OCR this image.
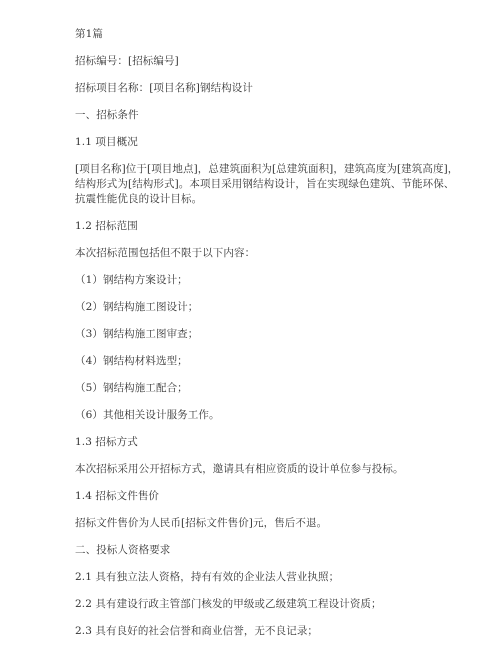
第1篇
招标编号：[招标编号]
招标项目名称：[项目名称]钢结构设计
一、招标条件
1.1 项目概况
[项目名称]位于[项目地点]，总建筑面积为[总建筑面积]，建筑高度为[建筑高度]，
结构形式为[结构形式]。本项目采用钢结构设计，旨在实现绿色建筑、节能环保、
抗震性能优良的设计目标。
1.2 招标范围
本次招标范围包括但不限于以下内容：
（1）钢结构方案设计；
（2）钢结构施工图设计；
（3）钢结构施工图审查；
（4）钢结构材料选型；
（5）钢结构施工配合；
（6）其他相关设计服务工作。
1.3 招标方式
本次招标采用公开招标方式，邀请具有相应资质的设计单位参与投标。
1.4 招标文件售价
招标文件售价为人民币[招标文件售价]元，售后不退。
二、投标人资格要求
2.1 具有独立法人资格，持有有效的企业法人营业执照；
2.2 具有建设行政主管部门核发的甲级或乙级建筑工程设计资质；
2.3 具有良好的社会信誉和商业信誉，无不良记录；
